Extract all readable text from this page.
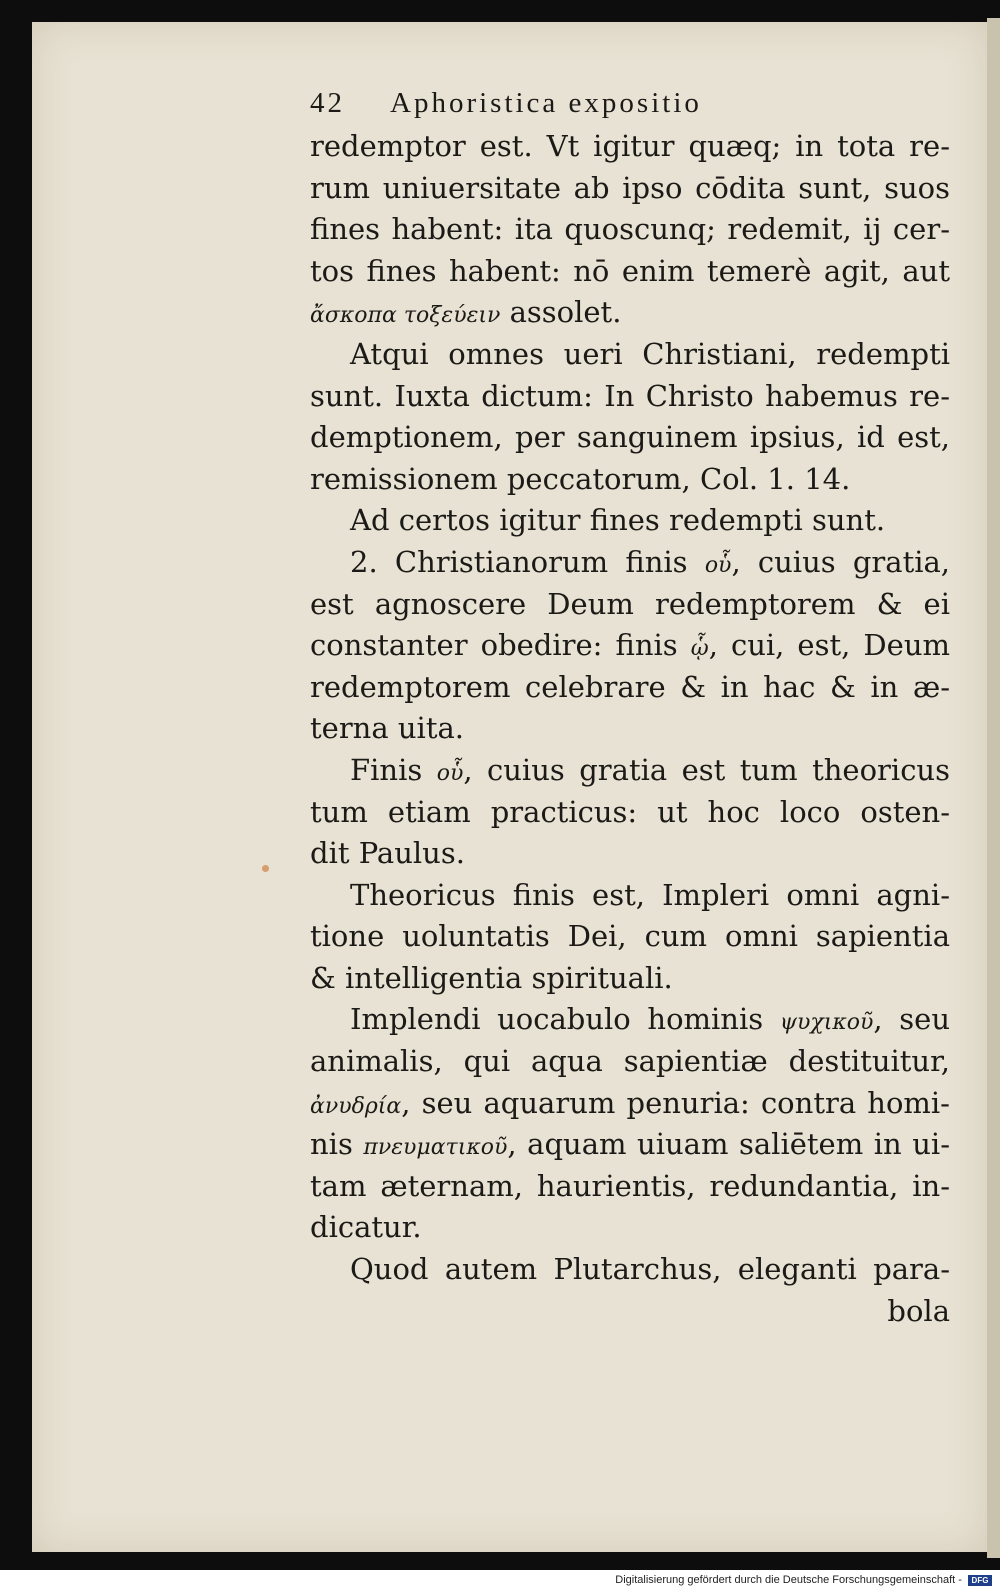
42 Aphoristica expositio
redemptor est. Vt igitur quæq; in tota re-
rum uniuersitate ab ipso cōdita sunt, suos
fines habent: ita quoscunq; redemit, ij cer-
tos fines habent: nō enim temerè agit, aut
ἄσκοπα τοξεύειν assolet.
Atqui omnes ueri Christiani, redempti
sunt. Iuxta dictum: In Christo habemus re-
demptionem, per sanguinem ipsius, id est,
remissionem peccatorum, Col. 1. 14.
Ad certos igitur fines redempti sunt.
2. Christianorum finis οὗ, cuius gratia,
est agnoscere Deum redemptorem & ei
constanter obedire: finis ᾧ, cui, est, Deum
redemptorem celebrare & in hac & in æ-
terna uita.
Finis οὗ, cuius gratia est tum theoricus
tum etiam practicus: ut hoc loco osten-
dit Paulus.
Theoricus finis est, Impleri omni agni-
tione uoluntatis Dei, cum omni sapientia
& intelligentia spirituali.
Implendi uocabulo hominis ψυχικοῦ, seu
animalis, qui aqua sapientiæ destituitur,
ἀνυδρία, seu aquarum penuria: contra homi-
nis πνευματικοῦ, aquam uiuam saliētem in ui-
tam æternam, haurientis, redundantia, in-
dicatur.
Quod autem Plutarchus, eleganti para-
bola
Digitalisierung gefördert durch die Deutsche Forschungsgemeinschaft - DFG
